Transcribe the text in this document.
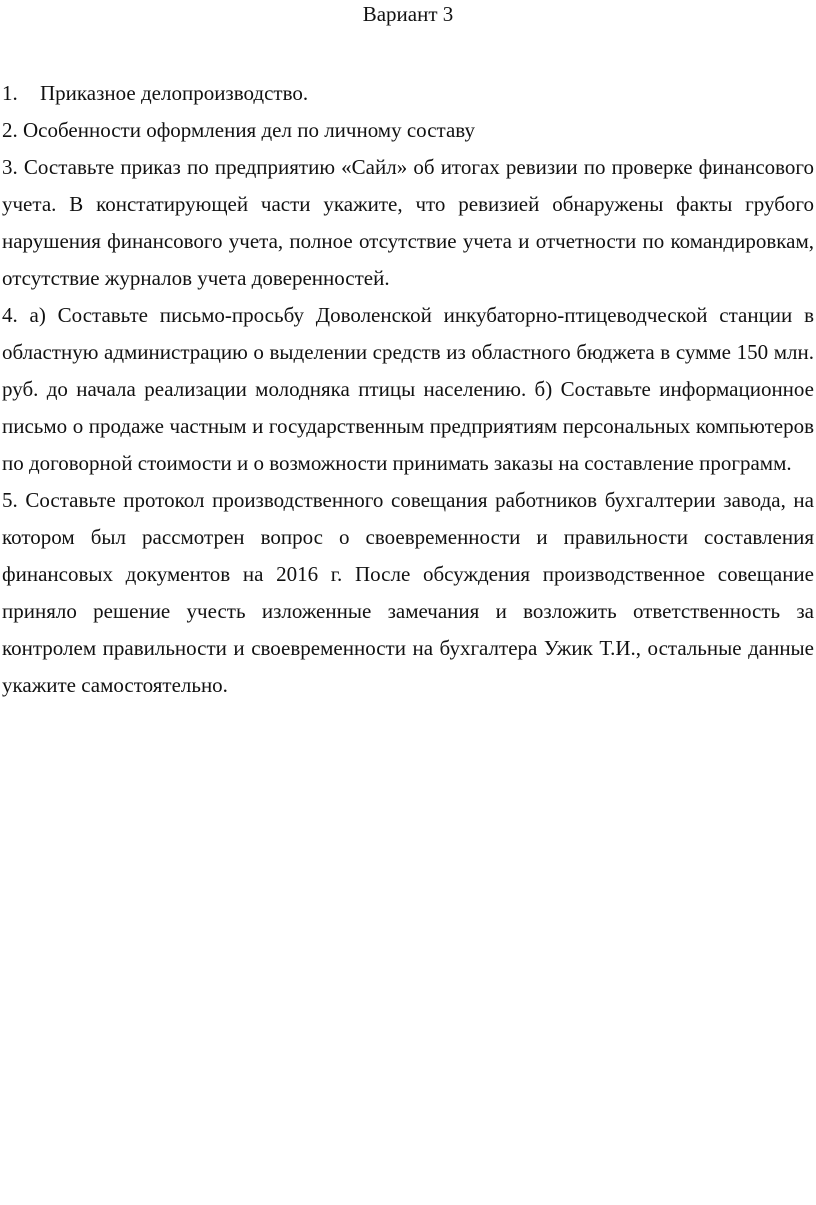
Вариант 3

1. Приказное делопроизводство.

2. Особенности оформления дел по личному составу

3. Составьте приказ по предприятию «Сайл» об итогах ревизии по проверке финансового учета. В констатирующей части укажите, что ревизией обнаружены факты грубого нарушения финансового учета, полное отсутствие учета и отчетности по командировкам, отсутствие журналов учета доверенностей.

4. а) Составьте письмо-просьбу Доволенской инкубаторно-птицеводческой станции в областную администрацию о выделении средств из областного бюджета в сумме 150 млн. руб. до начала реализации молодняка птицы населению. б) Составьте информационное письмо о продаже частным и государственным предприятиям персональных компьютеров по договорной стоимости и о возможности принимать заказы на составление программ.

5. Составьте протокол производственного совещания работников бухгалтерии завода, на котором был рассмотрен вопрос о своевременности и правильности составления финансовых документов на 2016 г. После обсуждения производственное совещание приняло решение учесть изложенные замечания и возложить ответственность за контролем правильности и своевременности на бухгалтера Ужик Т.И., остальные данные укажите самостоятельно.
